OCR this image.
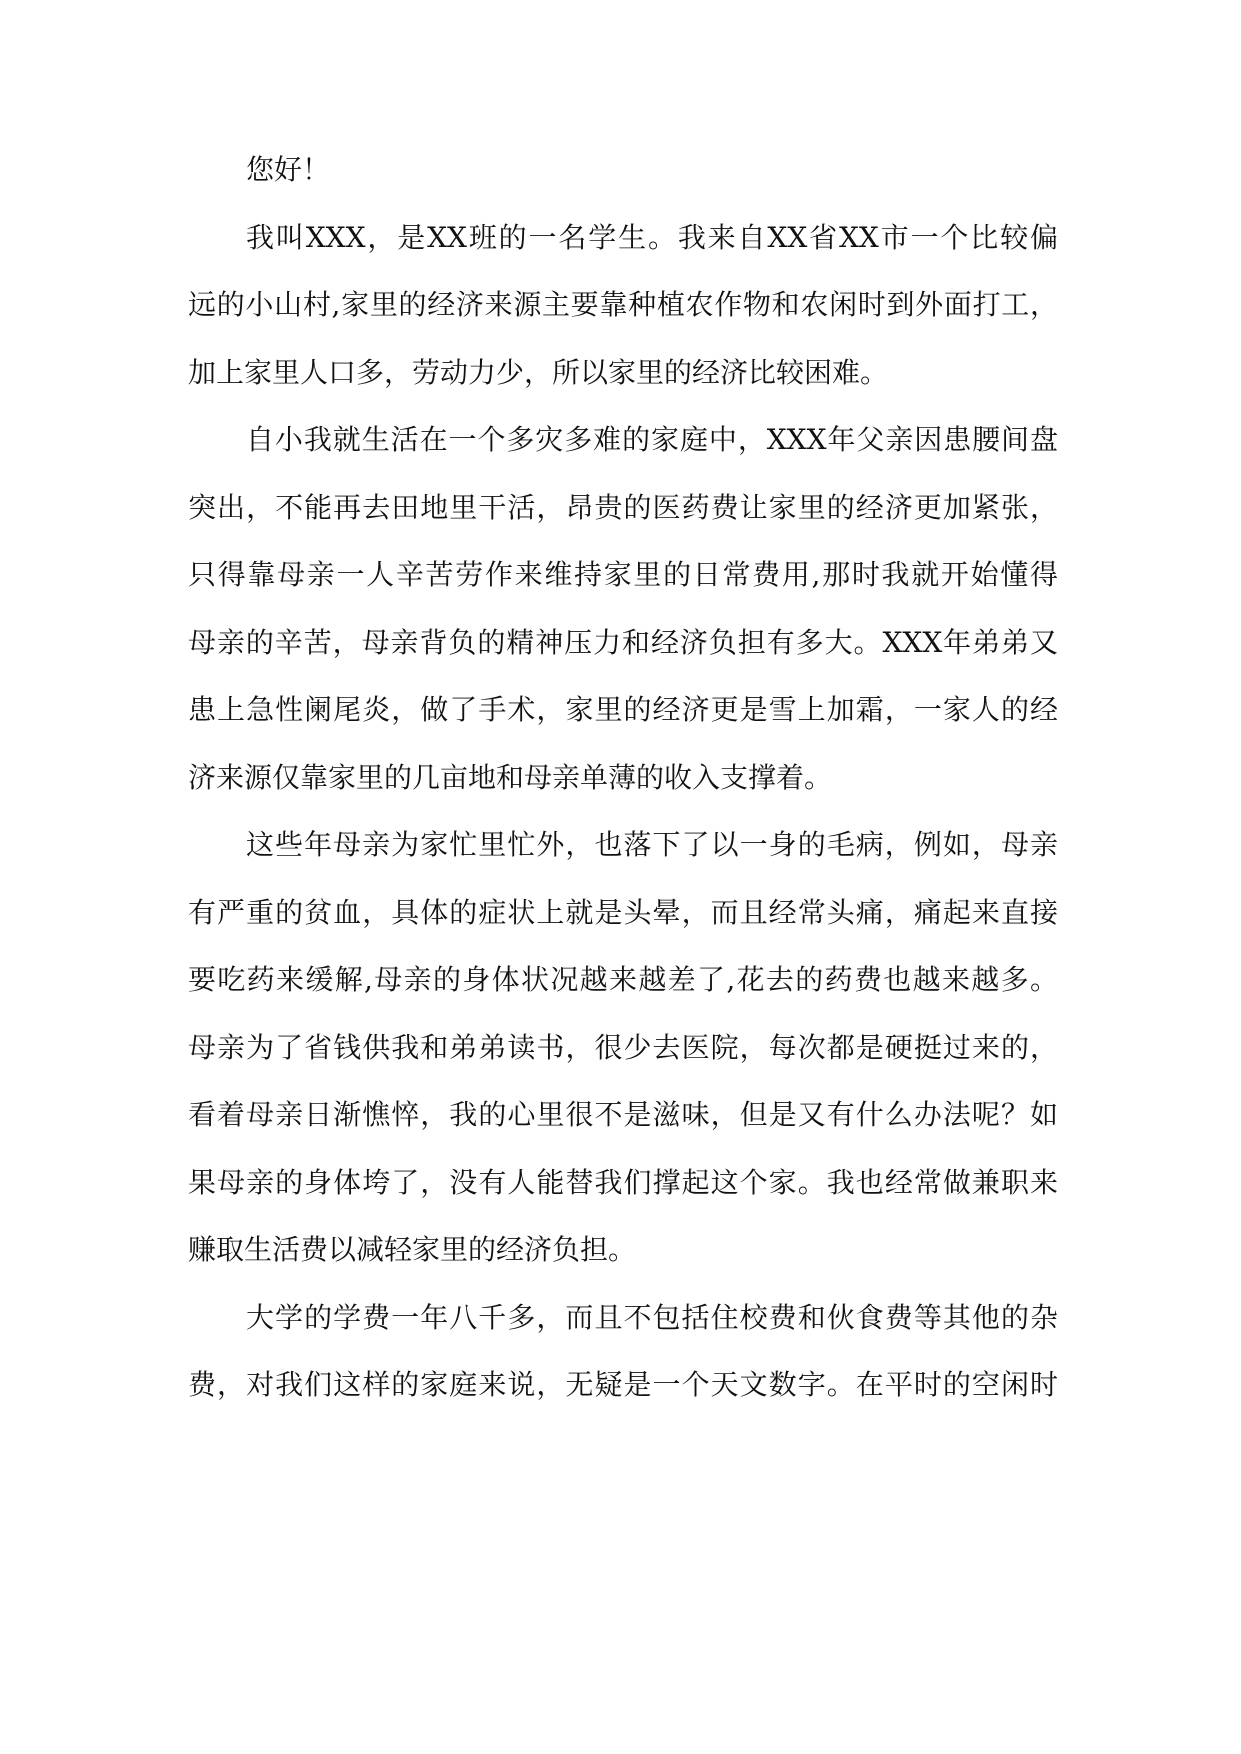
您好！
我叫XXX，是XX班的一名学生。我来自XX省XX市一个比较偏
远的小山村,家里的经济来源主要靠种植农作物和农闲时到外面打工，
加上家里人口多，劳动力少，所以家里的经济比较困难。
自小我就生活在一个多灾多难的家庭中，XXX年父亲因患腰间盘
突出，不能再去田地里干活，昂贵的医药费让家里的经济更加紧张，
只得靠母亲一人辛苦劳作来维持家里的日常费用,那时我就开始懂得
母亲的辛苦，母亲背负的精神压力和经济负担有多大。XXX年弟弟又
患上急性阑尾炎，做了手术，家里的经济更是雪上加霜，一家人的经
济来源仅靠家里的几亩地和母亲单薄的收入支撑着。
这些年母亲为家忙里忙外，也落下了以一身的毛病，例如，母亲
有严重的贫血，具体的症状上就是头晕，而且经常头痛，痛起来直接
要吃药来缓解,母亲的身体状况越来越差了,花去的药费也越来越多。
母亲为了省钱供我和弟弟读书，很少去医院，每次都是硬挺过来的，
看着母亲日渐憔悴，我的心里很不是滋味，但是又有什么办法呢？如
果母亲的身体垮了，没有人能替我们撑起这个家。我也经常做兼职来
赚取生活费以减轻家里的经济负担。
大学的学费一年八千多，而且不包括住校费和伙食费等其他的杂
费，对我们这样的家庭来说，无疑是一个天文数字。在平时的空闲时
